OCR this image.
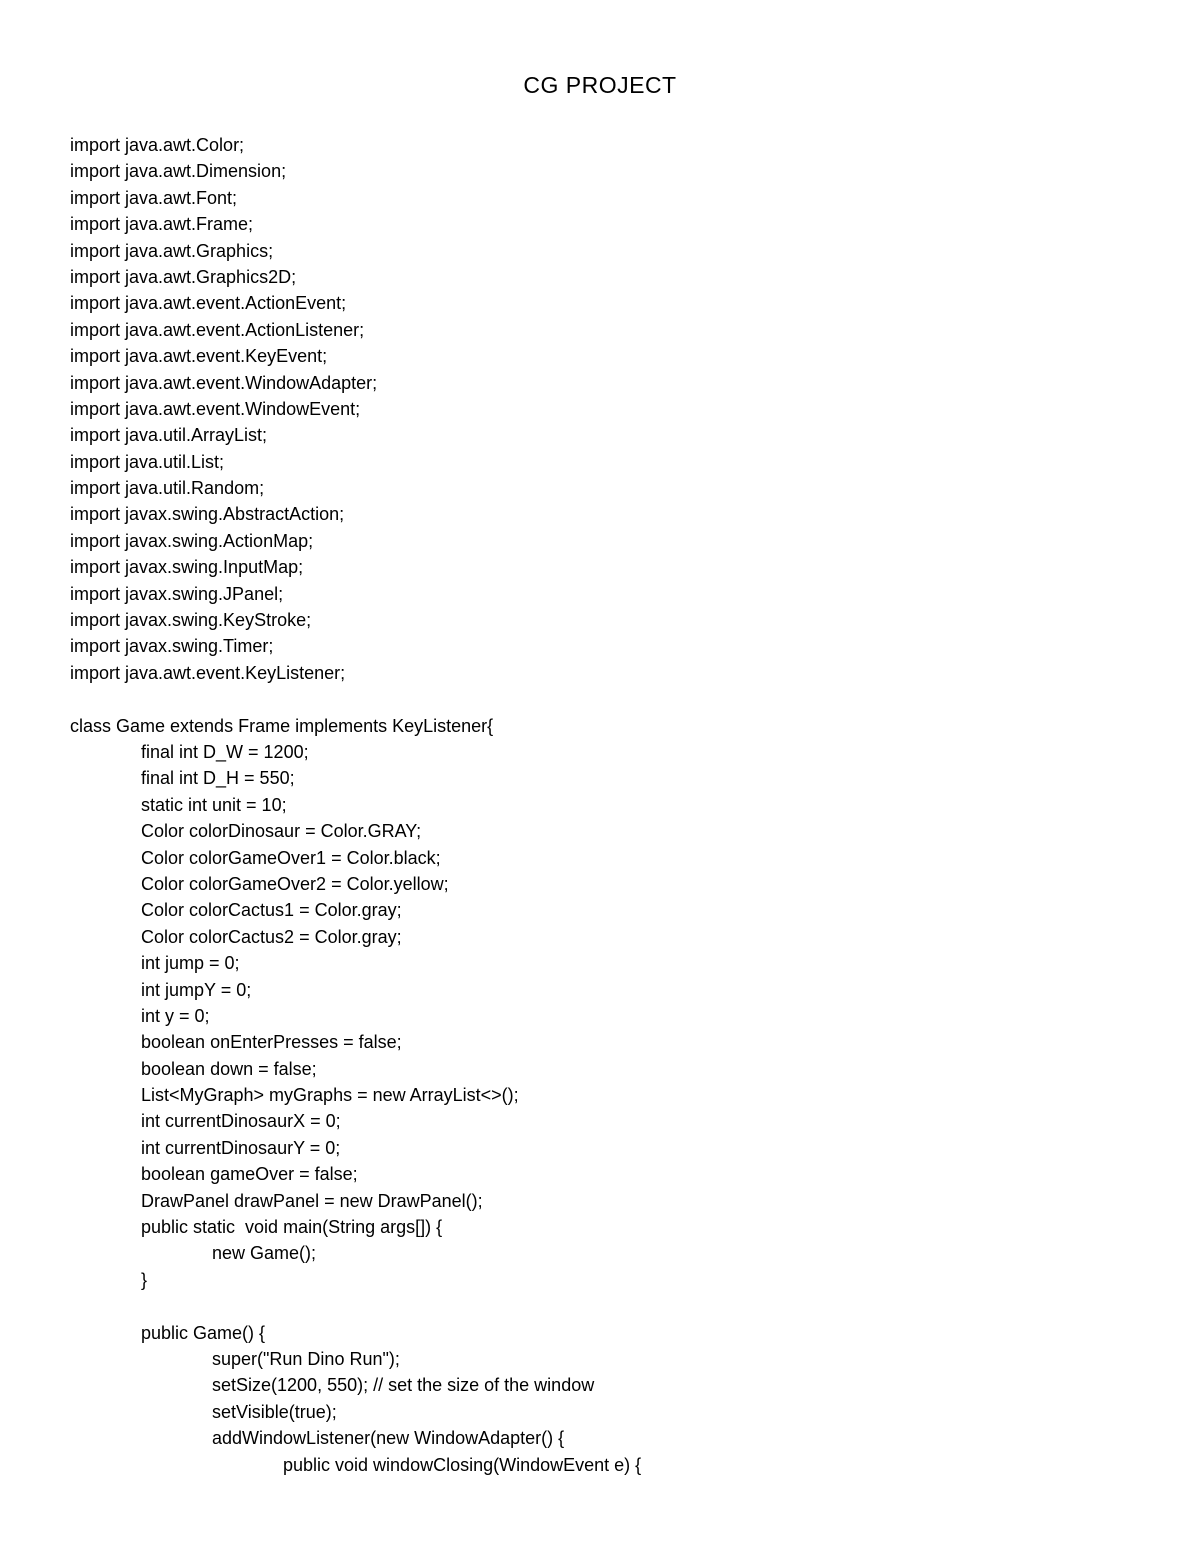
CG PROJECT
import java.awt.Color;
import java.awt.Dimension;
import java.awt.Font;
import java.awt.Frame;
import java.awt.Graphics;
import java.awt.Graphics2D;
import java.awt.event.ActionEvent;
import java.awt.event.ActionListener;
import java.awt.event.KeyEvent;
import java.awt.event.WindowAdapter;
import java.awt.event.WindowEvent;
import java.util.ArrayList;
import java.util.List;
import java.util.Random;
import javax.swing.AbstractAction;
import javax.swing.ActionMap;
import javax.swing.InputMap;
import javax.swing.JPanel;
import javax.swing.KeyStroke;
import javax.swing.Timer;
import java.awt.event.KeyListener;
class Game extends Frame implements KeyListener{
final int D_W = 1200;
final int D_H = 550;
static int unit = 10;
Color colorDinosaur = Color.GRAY;
Color colorGameOver1 = Color.black;
Color colorGameOver2 = Color.yellow;
Color colorCactus1 = Color.gray;
Color colorCactus2 = Color.gray;
int jump = 0;
int jumpY = 0;
int y = 0;
boolean onEnterPresses = false;
boolean down = false;
List<MyGraph> myGraphs = new ArrayList<>();
int currentDinosaurX = 0;
int currentDinosaurY = 0;
boolean gameOver = false;
DrawPanel drawPanel = new DrawPanel();
public static  void main(String args[]) {
new Game();
}
public Game() {
super("Run Dino Run");
setSize(1200, 550); // set the size of the window
setVisible(true);
addWindowListener(new WindowAdapter() {
public void windowClosing(WindowEvent e) {
